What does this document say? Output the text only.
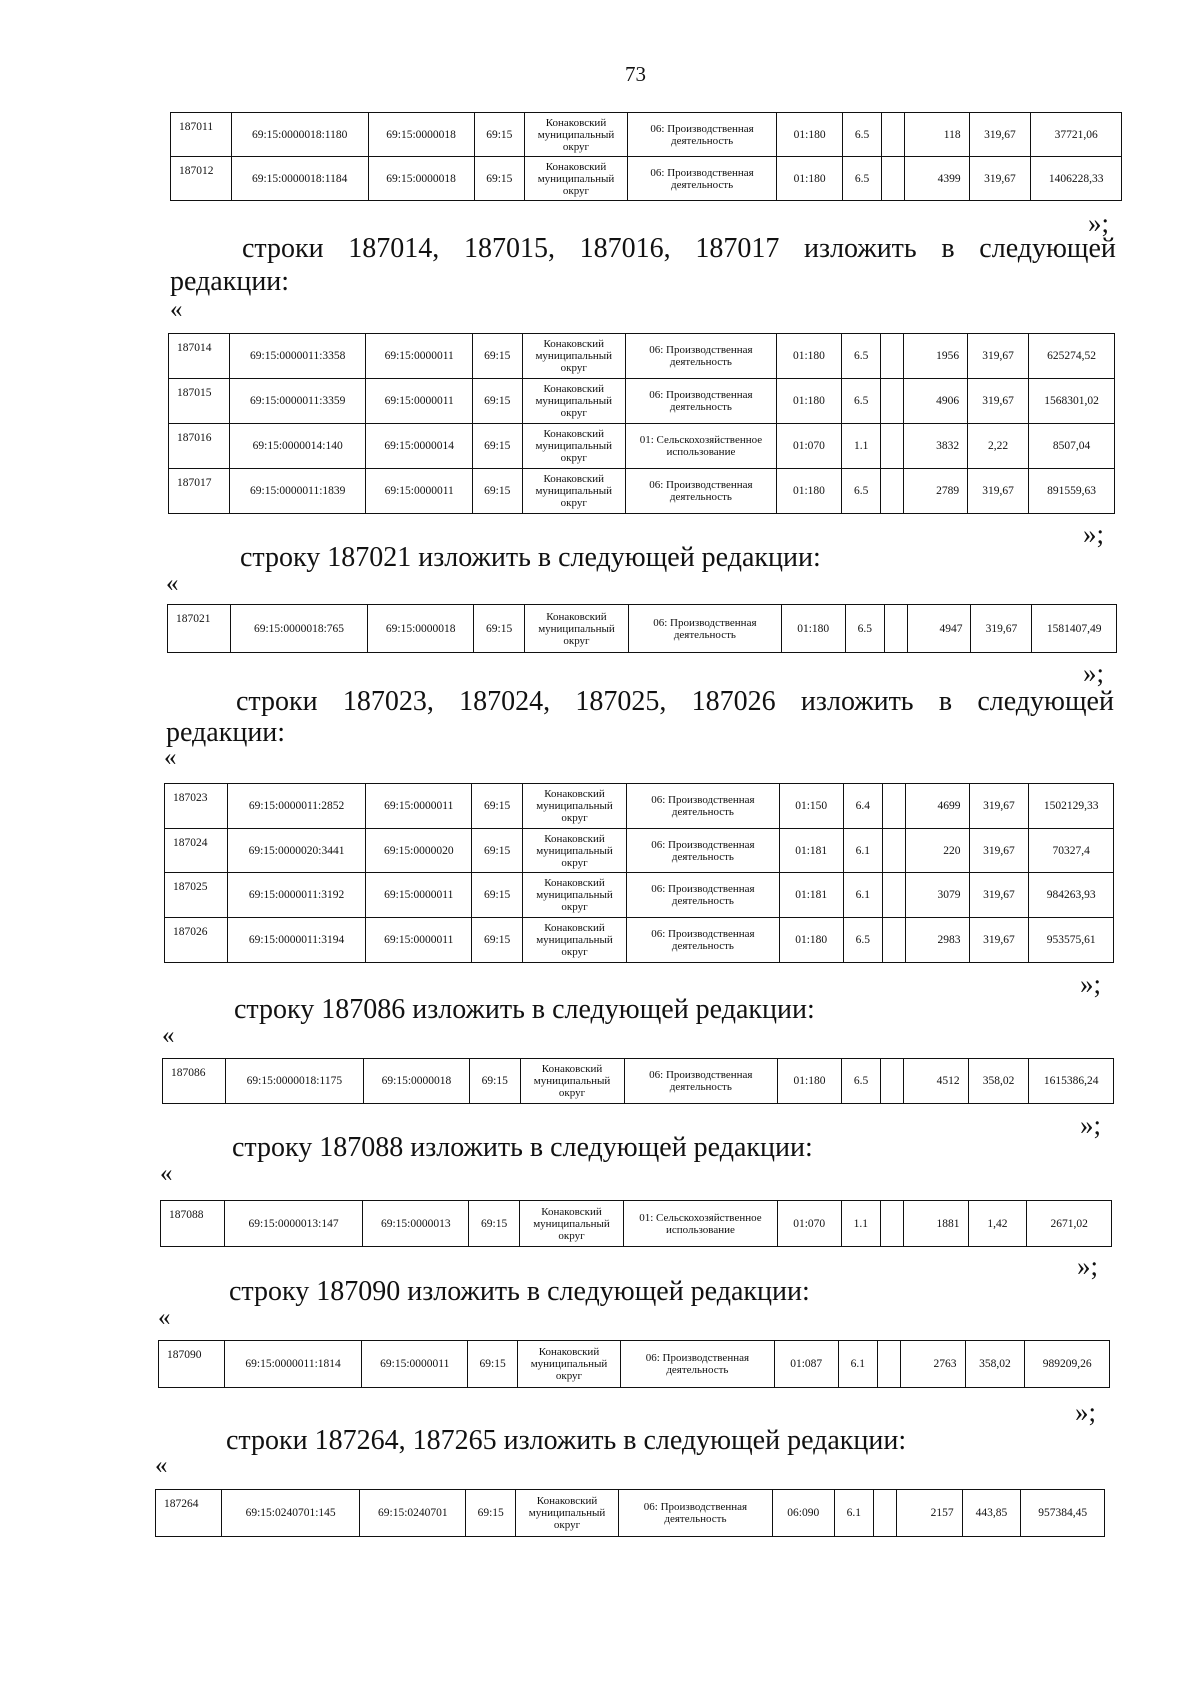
73
187011	69:15:0000018:1180	69:15:0000018	69:15	Конаковский муниципальный округ	06: Производственная деятельность	01:180	6.5		118	319,67	37721,06
187012	69:15:0000018:1184	69:15:0000018	69:15	Конаковский муниципальный округ	06: Производственная деятельность	01:180	6.5		4399	319,67	1406228,33
»;
строки 187014, 187015, 187016, 187017 изложить в следующей
редакции:
«
187014	69:15:0000011:3358	69:15:0000011	69:15	Конаковский муниципальный округ	06: Производственная деятельность	01:180	6.5		1956	319,67	625274,52
187015	69:15:0000011:3359	69:15:0000011	69:15	Конаковский муниципальный округ	06: Производственная деятельность	01:180	6.5		4906	319,67	1568301,02
187016	69:15:0000014:140	69:15:0000014	69:15	Конаковский муниципальный округ	01: Сельскохозяйственное использование	01:070	1.1		3832	2,22	8507,04
187017	69:15:0000011:1839	69:15:0000011	69:15	Конаковский муниципальный округ	06: Производственная деятельность	01:180	6.5		2789	319,67	891559,63
»;
строку 187021 изложить в следующей редакции:
«
187021	69:15:0000018:765	69:15:0000018	69:15	Конаковский муниципальный округ	06: Производственная деятельность	01:180	6.5		4947	319,67	1581407,49
»;
строки 187023, 187024, 187025, 187026 изложить в следующей
редакции:
«
187023	69:15:0000011:2852	69:15:0000011	69:15	Конаковский муниципальный округ	06: Производственная деятельность	01:150	6.4		4699	319,67	1502129,33
187024	69:15:0000020:3441	69:15:0000020	69:15	Конаковский муниципальный округ	06: Производственная деятельность	01:181	6.1		220	319,67	70327,4
187025	69:15:0000011:3192	69:15:0000011	69:15	Конаковский муниципальный округ	06: Производственная деятельность	01:181	6.1		3079	319,67	984263,93
187026	69:15:0000011:3194	69:15:0000011	69:15	Конаковский муниципальный округ	06: Производственная деятельность	01:180	6.5		2983	319,67	953575,61
»;
строку 187086 изложить в следующей редакции:
«
187086	69:15:0000018:1175	69:15:0000018	69:15	Конаковский муниципальный округ	06: Производственная деятельность	01:180	6.5		4512	358,02	1615386,24
»;
строку 187088 изложить в следующей редакции:
«
187088	69:15:0000013:147	69:15:0000013	69:15	Конаковский муниципальный округ	01: Сельскохозяйственное использование	01:070	1.1		1881	1,42	2671,02
»;
строку 187090 изложить в следующей редакции:
«
187090	69:15:0000011:1814	69:15:0000011	69:15	Конаковский муниципальный округ	06: Производственная деятельность	01:087	6.1		2763	358,02	989209,26
»;
строки 187264, 187265 изложить в следующей редакции:
«
187264	69:15:0240701:145	69:15:0240701	69:15	Конаковский муниципальный округ	06: Производственная деятельность	06:090	6.1		2157	443,85	957384,45
